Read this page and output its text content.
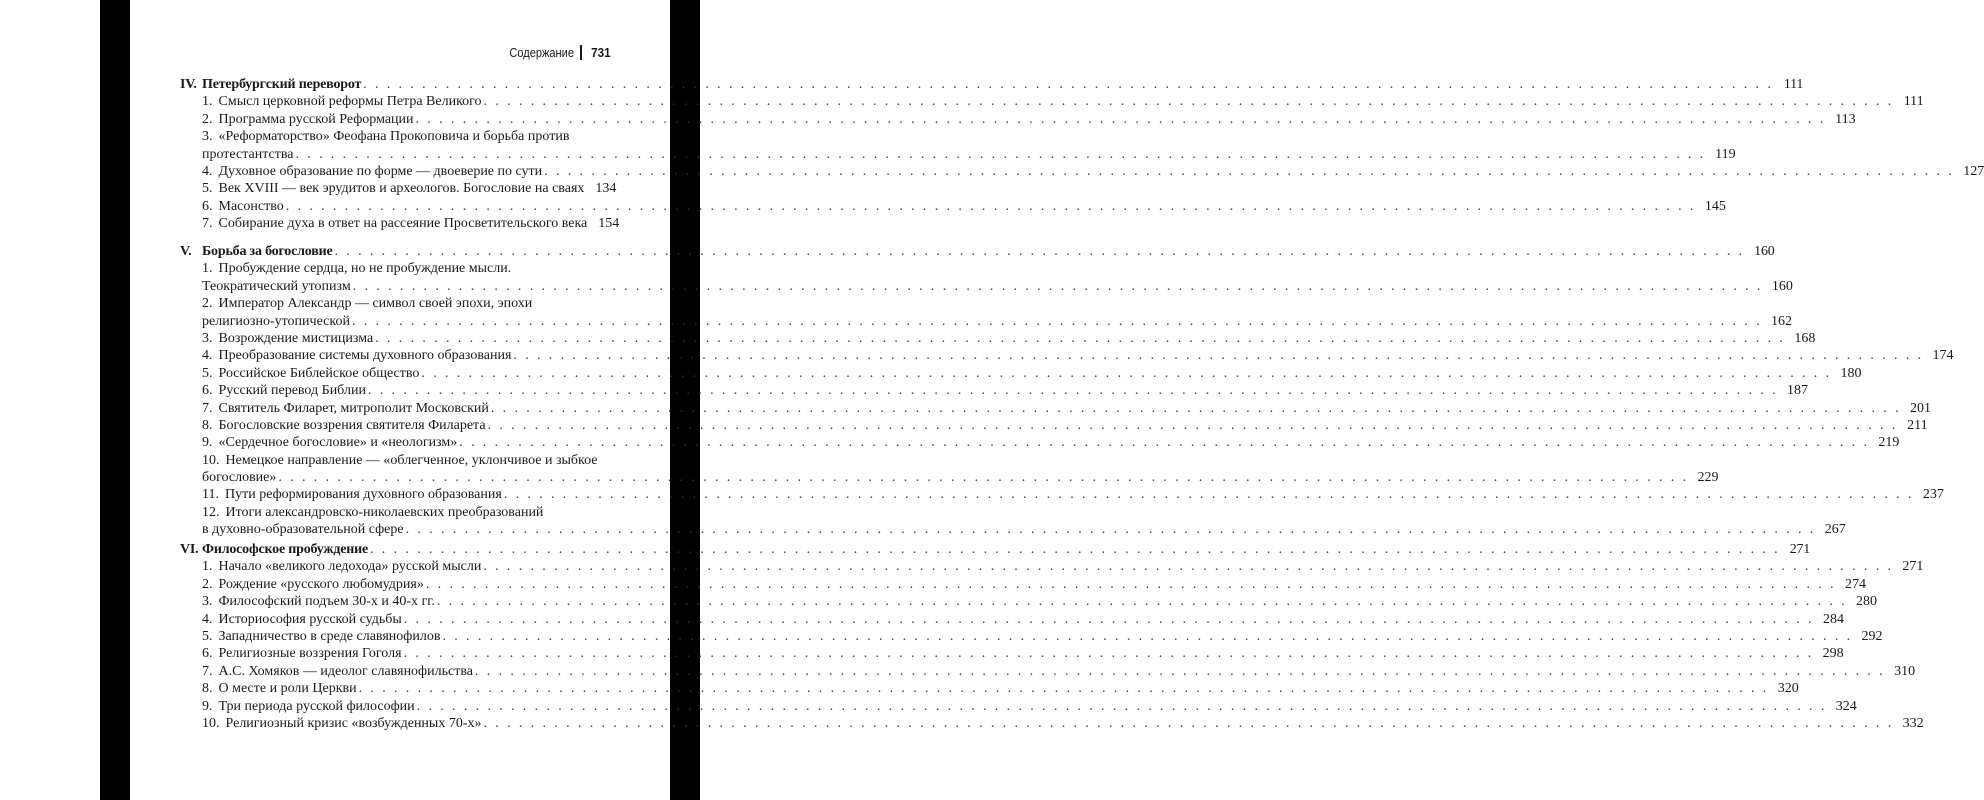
Содержание 731
IV. Петербургский переворот . . . . . . . . . . . . . . . . . . . . . . . . . . . . . . . . . . . . . . . . . . . . . . . . . . . . . . . . . . . . . . . . . . . . . . . . . . . . . . . . . . . . . . . . . . . . . . . . . . . . . . . . . . . . . . . . . . . . . . . . 111
1. Смысл церковной реформы Петра Великого . . . . . . . . . . . . . . . . . . . . . . . . . . . . . . . . . . . . . . . . . . . . . . . . . . . . . . . . . . . . . . . . . . . . . . . . . . . . . . . . . . . . . . . . . . . . . . . . . . . . . . . . . . . . . . . . . . . . . . . . 111
2. Программа русской Реформации . . . . . . . . . . . . . . . . . . . . . . . . . . . . . . . . . . . . . . . . . . . . . . . . . . . . . . . . . . . . . . . . . . . . . . . . . . . . . . . . . . . . . . . . . . . . . . . . . . . . . . . . . . . . . . . . . . . . . . . . 113
3. «Реформаторство» Феофана Прокоповича и борьба против
протестантства . . . . . . . . . . . . . . . . . . . . . . . . . . . . . . . . . . . . . . . . . . . . . . . . . . . . . . . . . . . . . . . . . . . . . . . . . . . . . . . . . . . . . . . . . . . . . . . . . . . . . . . . . . . . . . . . . . . . . . . . 119
4. Духовное образование по форме — двоеверие по сути . . . . . . . . . . . . . . . . . . . . . . . . . . . . . . . . . . . . . . . . . . . . . . . . . . . . . . . . . . . . . . . . . . . . . . . . . . . . . . . . . . . . . . . . . . . . . . . . . . . . . . . . . . . . . . . . . . . . . . . . 127
5. Век XVIII — век эрудитов и археологов. Богословие на сваях 134
6. Масонство . . . . . . . . . . . . . . . . . . . . . . . . . . . . . . . . . . . . . . . . . . . . . . . . . . . . . . . . . . . . . . . . . . . . . . . . . . . . . . . . . . . . . . . . . . . . . . . . . . . . . . . . . . . . . . . . . . . . . . . . 145
7. Собирание духа в ответ на рассеяние Просветительского века 154
V. Борьба за богословие . . . . . . . . . . . . . . . . . . . . . . . . . . . . . . . . . . . . . . . . . . . . . . . . . . . . . . . . . . . . . . . . . . . . . . . . . . . . . . . . . . . . . . . . . . . . . . . . . . . . . . . . . . . . . . . . . . . . . . . . 160
1. Пробуждение сердца, но не пробуждение мысли.
Теократический утопизм . . . . . . . . . . . . . . . . . . . . . . . . . . . . . . . . . . . . . . . . . . . . . . . . . . . . . . . . . . . . . . . . . . . . . . . . . . . . . . . . . . . . . . . . . . . . . . . . . . . . . . . . . . . . . . . . . . . . . . . . 160
2. Император Александр — символ своей эпохи, эпохи
религиозно-утопической . . . . . . . . . . . . . . . . . . . . . . . . . . . . . . . . . . . . . . . . . . . . . . . . . . . . . . . . . . . . . . . . . . . . . . . . . . . . . . . . . . . . . . . . . . . . . . . . . . . . . . . . . . . . . . . . . . . . . . . . 162
3. Возрождение мистицизма . . . . . . . . . . . . . . . . . . . . . . . . . . . . . . . . . . . . . . . . . . . . . . . . . . . . . . . . . . . . . . . . . . . . . . . . . . . . . . . . . . . . . . . . . . . . . . . . . . . . . . . . . . . . . . . . . . . . . . . . 168
4. Преобразование системы духовного образования . . . . . . . . . . . . . . . . . . . . . . . . . . . . . . . . . . . . . . . . . . . . . . . . . . . . . . . . . . . . . . . . . . . . . . . . . . . . . . . . . . . . . . . . . . . . . . . . . . . . . . . . . . . . . . . . . . . . . . . . 174
5. Российское Библейское общество . . . . . . . . . . . . . . . . . . . . . . . . . . . . . . . . . . . . . . . . . . . . . . . . . . . . . . . . . . . . . . . . . . . . . . . . . . . . . . . . . . . . . . . . . . . . . . . . . . . . . . . . . . . . . . . . . . . . . . . . 180
6. Русский перевод Библии . . . . . . . . . . . . . . . . . . . . . . . . . . . . . . . . . . . . . . . . . . . . . . . . . . . . . . . . . . . . . . . . . . . . . . . . . . . . . . . . . . . . . . . . . . . . . . . . . . . . . . . . . . . . . . . . . . . . . . . . 187
7. Святитель Филарет, митрополит Московский . . . . . . . . . . . . . . . . . . . . . . . . . . . . . . . . . . . . . . . . . . . . . . . . . . . . . . . . . . . . . . . . . . . . . . . . . . . . . . . . . . . . . . . . . . . . . . . . . . . . . . . . . . . . . . . . . . . . . . . . 201
8. Богословские воззрения святителя Филарета . . . . . . . . . . . . . . . . . . . . . . . . . . . . . . . . . . . . . . . . . . . . . . . . . . . . . . . . . . . . . . . . . . . . . . . . . . . . . . . . . . . . . . . . . . . . . . . . . . . . . . . . . . . . . . . . . . . . . . . . 211
9. «Сердечное богословие» и «неологизм» . . . . . . . . . . . . . . . . . . . . . . . . . . . . . . . . . . . . . . . . . . . . . . . . . . . . . . . . . . . . . . . . . . . . . . . . . . . . . . . . . . . . . . . . . . . . . . . . . . . . . . . . . . . . . . . . . . . . . . . . 219
10. Немецкое направление — «облегченное, уклончивое и зыбкое
богословие» . . . . . . . . . . . . . . . . . . . . . . . . . . . . . . . . . . . . . . . . . . . . . . . . . . . . . . . . . . . . . . . . . . . . . . . . . . . . . . . . . . . . . . . . . . . . . . . . . . . . . . . . . . . . . . . . . . . . . . . . 229
11. Пути реформирования духовного образования . . . . . . . . . . . . . . . . . . . . . . . . . . . . . . . . . . . . . . . . . . . . . . . . . . . . . . . . . . . . . . . . . . . . . . . . . . . . . . . . . . . . . . . . . . . . . . . . . . . . . . . . . . . . . . . . . . . . . . . . 237
12. Итоги александровско-николаевских преобразований
в духовно-образовательной сфере . . . . . . . . . . . . . . . . . . . . . . . . . . . . . . . . . . . . . . . . . . . . . . . . . . . . . . . . . . . . . . . . . . . . . . . . . . . . . . . . . . . . . . . . . . . . . . . . . . . . . . . . . . . . . . . . . . . . . . . . 267
VI. Философское пробуждение . . . . . . . . . . . . . . . . . . . . . . . . . . . . . . . . . . . . . . . . . . . . . . . . . . . . . . . . . . . . . . . . . . . . . . . . . . . . . . . . . . . . . . . . . . . . . . . . . . . . . . . . . . . . . . . . . . . . . . . . 271
1. Начало «великого ледохода» русской мысли . . . . . . . . . . . . . . . . . . . . . . . . . . . . . . . . . . . . . . . . . . . . . . . . . . . . . . . . . . . . . . . . . . . . . . . . . . . . . . . . . . . . . . . . . . . . . . . . . . . . . . . . . . . . . . . . . . . . . . . . 271
2. Рождение «русского любомудрия» . . . . . . . . . . . . . . . . . . . . . . . . . . . . . . . . . . . . . . . . . . . . . . . . . . . . . . . . . . . . . . . . . . . . . . . . . . . . . . . . . . . . . . . . . . . . . . . . . . . . . . . . . . . . . . . . . . . . . . . . 274
3. Философский подъем 30-х и 40-х гг. . . . . . . . . . . . . . . . . . . . . . . . . . . . . . . . . . . . . . . . . . . . . . . . . . . . . . . . . . . . . . . . . . . . . . . . . . . . . . . . . . . . . . . . . . . . . . . . . . . . . . . . . . . . . . . . . . . . . . . . . 280
4. Историософия русской судьбы . . . . . . . . . . . . . . . . . . . . . . . . . . . . . . . . . . . . . . . . . . . . . . . . . . . . . . . . . . . . . . . . . . . . . . . . . . . . . . . . . . . . . . . . . . . . . . . . . . . . . . . . . . . . . . . . . . . . . . . . 284
5. Западничество в среде славянофилов . . . . . . . . . . . . . . . . . . . . . . . . . . . . . . . . . . . . . . . . . . . . . . . . . . . . . . . . . . . . . . . . . . . . . . . . . . . . . . . . . . . . . . . . . . . . . . . . . . . . . . . . . . . . . . . . . . . . . . . . 292
6. Религиозные воззрения Гоголя . . . . . . . . . . . . . . . . . . . . . . . . . . . . . . . . . . . . . . . . . . . . . . . . . . . . . . . . . . . . . . . . . . . . . . . . . . . . . . . . . . . . . . . . . . . . . . . . . . . . . . . . . . . . . . . . . . . . . . . . 298
7. А.С. Хомяков — идеолог славянофильства . . . . . . . . . . . . . . . . . . . . . . . . . . . . . . . . . . . . . . . . . . . . . . . . . . . . . . . . . . . . . . . . . . . . . . . . . . . . . . . . . . . . . . . . . . . . . . . . . . . . . . . . . . . . . . . . . . . . . . . . 310
8. О месте и роли Церкви . . . . . . . . . . . . . . . . . . . . . . . . . . . . . . . . . . . . . . . . . . . . . . . . . . . . . . . . . . . . . . . . . . . . . . . . . . . . . . . . . . . . . . . . . . . . . . . . . . . . . . . . . . . . . . . . . . . . . . . . 320
9. Три периода русской философии . . . . . . . . . . . . . . . . . . . . . . . . . . . . . . . . . . . . . . . . . . . . . . . . . . . . . . . . . . . . . . . . . . . . . . . . . . . . . . . . . . . . . . . . . . . . . . . . . . . . . . . . . . . . . . . . . . . . . . . . 324
10. Религиозный кризис «возбужденных 70-х» . . . . . . . . . . . . . . . . . . . . . . . . . . . . . . . . . . . . . . . . . . . . . . . . . . . . . . . . . . . . . . . . . . . . . . . . . . . . . . . . . . . . . . . . . . . . . . . . . . . . . . . . . . . . . . . . . . . . . . . . 332
